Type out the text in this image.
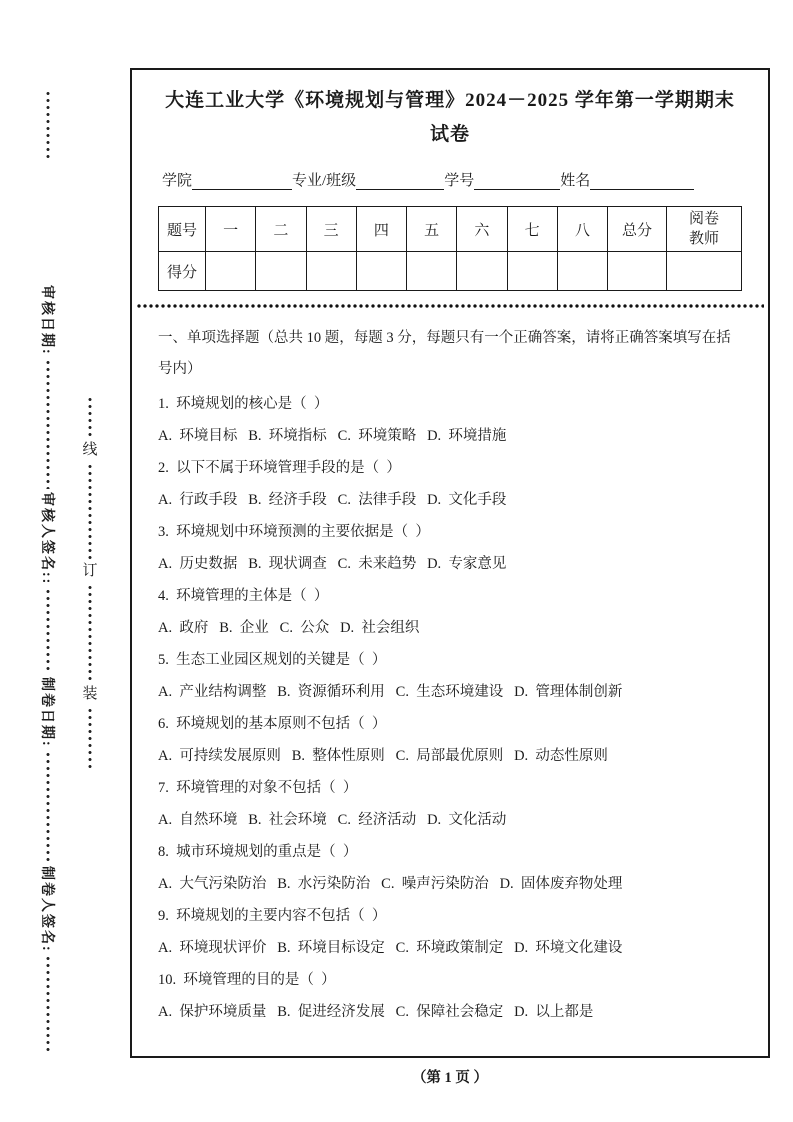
审核日期:
审核人签名::
制卷日期:
制卷人签名:
线
订
装
大连工业大学《环境规划与管理》2024－2025 学年第一学期期末
试卷
学院	专业/班级	学号	姓名
题号	一	二	三	四	五	六	七	八	总分	阅卷
教师

得分										
一、单项选择题（总共 10 题，每题 3 分，每题只有一个正确答案，请将正确答案填写在括号内）
1.  环境规划的核心是（  ）
A.  环境目标   B.  环境指标   C.  环境策略   D.  环境措施
2.  以下不属于环境管理手段的是（  ）
A.  行政手段   B.  经济手段   C.  法律手段   D.  文化手段
3.  环境规划中环境预测的主要依据是（  ）
A.  历史数据   B.  现状调查   C.  未来趋势   D.  专家意见
4.  环境管理的主体是（  ）
A.  政府   B.  企业   C.  公众   D.  社会组织
5.  生态工业园区规划的关键是（  ）
A.  产业结构调整   B.  资源循环利用   C.  生态环境建设   D.  管理体制创新
6.  环境规划的基本原则不包括（  ）
A.  可持续发展原则   B.  整体性原则   C.  局部最优原则   D.  动态性原则
7.  环境管理的对象不包括（  ）
A.  自然环境   B.  社会环境   C.  经济活动   D.  文化活动
8.  城市环境规划的重点是（  ）
A.  大气污染防治   B.  水污染防治   C.  噪声污染防治   D.  固体废弃物处理
9.  环境规划的主要内容不包括（  ）
A.  环境现状评价   B.  环境目标设定   C.  环境政策制定   D.  环境文化建设
10.  环境管理的目的是（  ）
A.  保护环境质量   B.  促进经济发展   C.  保障社会稳定   D.  以上都是
（第 1 页 ）
